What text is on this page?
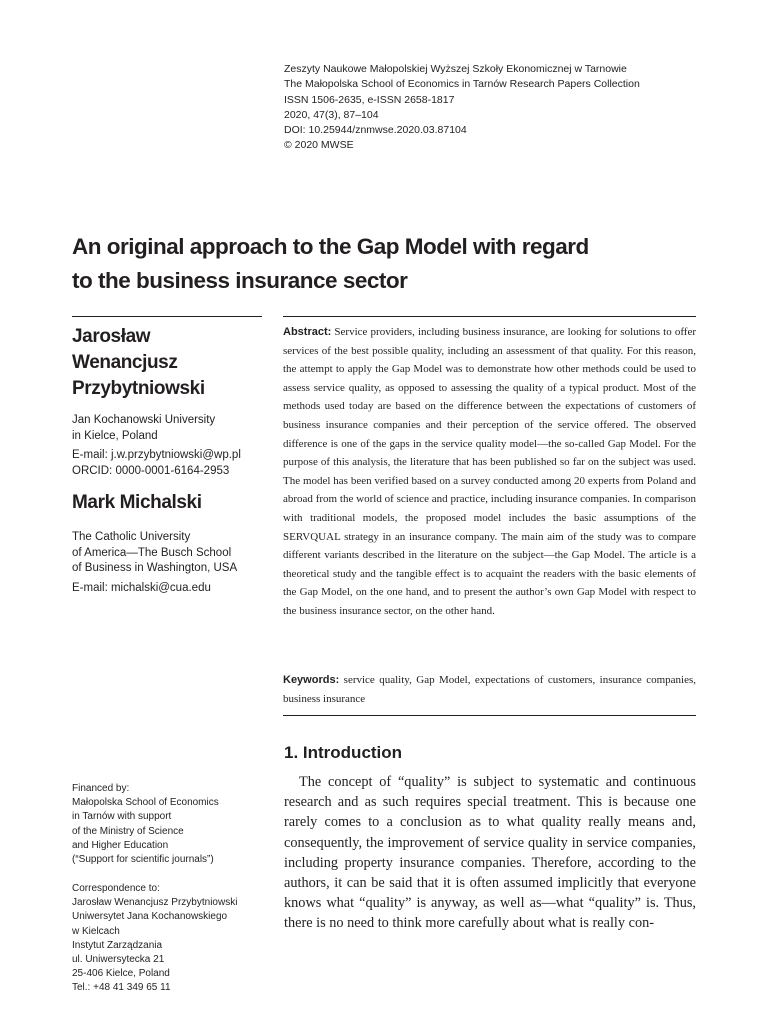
Zeszyty Naukowe Małopolskiej Wyższej Szkoły Ekonomicznej w Tarnowie
The Małopolska School of Economics in Tarnów Research Papers Collection
ISSN 1506-2635, e-ISSN 2658-1817
2020, 47(3), 87–104
DOI: 10.25944/znmwse.2020.03.87104
© 2020 MWSE
An original approach to the Gap Model with regard
to the business insurance sector
Jarosław
Wenancjusz
Przybytniowski
Jan Kochanowski University
in Kielce, Poland
E-mail: j.w.przybytniowski@wp.pl
ORCID: 0000-0001-6164-2953
Mark Michalski
The Catholic University
of America—The Busch School
of Business in Washington, USA
E-mail: michalski@cua.edu
Financed by:
Małopolska School of Economics
in Tarnów with support
of the Ministry of Science
and Higher Education
(“Support for scientific journals”)
Correspondence to:
Jarosław Wenancjusz Przybytniowski
Uniwersytet Jana Kochanowskiego
w Kielcach
Instytut Zarządzania
ul. Uniwersytecka 21
25-406 Kielce, Poland
Tel.: +48 41 349 65 11

Abstract: Service providers, including business insurance, are looking for solutions to offer services of the best possible quality, including an assessment of that quality. For this reason, the attempt to apply the Gap Model was to demonstrate how other methods could be used to assess service quality, as opposed to assessing the quality of a typical product. Most of the methods used today are based on the difference between the expectations of customers of business insurance companies and their perception of the service offered. The observed difference is one of the gaps in the service quality model—the so-called Gap Model. For the purpose of this analysis, the literature that has been published so far on the subject was used. The model has been verified based on a survey conducted among 20 experts from Poland and abroad from the world of science and practice, including insurance companies. In comparison with traditional models, the proposed model includes the basic assumptions of the SERVQUAL strategy in an insurance company. The main aim of the study was to compare different variants described in the literature on the subject—the Gap Model. The article is a theoretical study and the tangible effect is to acquaint the readers with the basic elements of the Gap Model, on the one hand, and to present the author’s own Gap Model with respect to the business insurance sector, on the other hand.

Keywords: service quality, Gap Model, expectations of customers, insurance companies, business insurance

1. Introduction

The concept of “quality” is subject to systematic and continuous research and as such requires special treatment. This is because one rarely comes to a conclusion as to what quality really means and, consequently, the improvement of service quality in service companies, including property insurance companies. Therefore, according to the authors, it can be said that it is often assumed implicitly that everyone knows what “quality” is anyway, as well as—what “quality” is. Thus, there is no need to think more carefully about what is really con-
